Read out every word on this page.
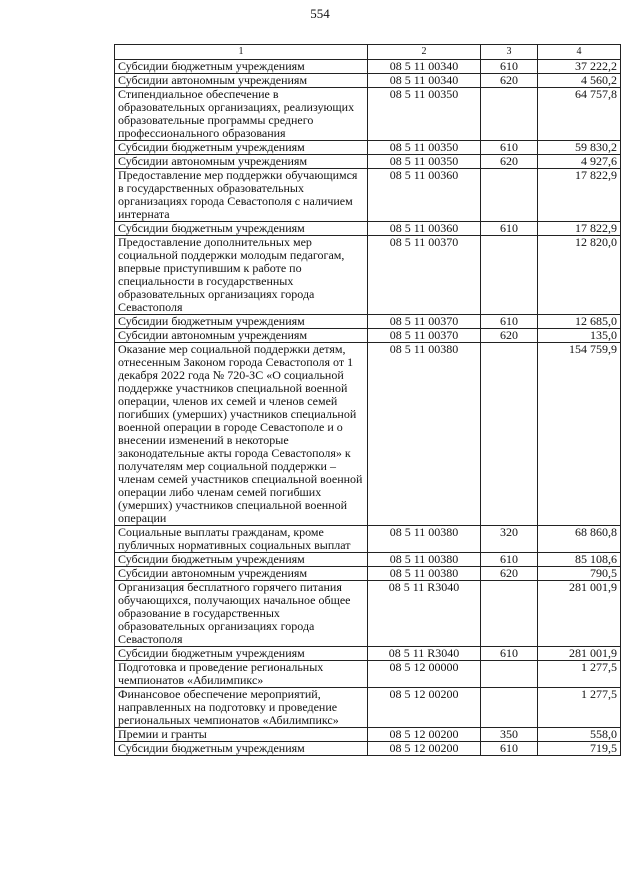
554
1	2	3	4
Субсидии бюджетным учреждениям	08 5 11 00340	610	37 222,2
Субсидии автономным учреждениям	08 5 11 00340	620	4 560,2
Стипендиальное обеспечение в образовательных организациях, реализующих образовательные программы среднего профессионального образования	08 5 11 00350		64 757,8
Субсидии бюджетным учреждениям	08 5 11 00350	610	59 830,2
Субсидии автономным учреждениям	08 5 11 00350	620	4 927,6
Предоставление мер поддержки обучающимся в государственных образовательных организациях города Севастополя с наличием интерната	08 5 11 00360		17 822,9
Субсидии бюджетным учреждениям	08 5 11 00360	610	17 822,9
Предоставление дополнительных мер социальной поддержки молодым педагогам, впервые приступившим к работе по специальности в государственных образовательных организациях города Севастополя	08 5 11 00370		12 820,0
Субсидии бюджетным учреждениям	08 5 11 00370	610	12 685,0
Субсидии автономным учреждениям	08 5 11 00370	620	135,0
Оказание мер социальной поддержки детям, отнесенным Законом города Севастополя от 1 декабря 2022 года № 720-ЗС «О социальной поддержке участников специальной военной операции, членов их семей и членов семей погибших (умерших) участников специальной военной операции в городе Севастополе и о внесении изменений в некоторые законодательные акты города Севастополя» к получателям мер социальной поддержки – членам семей участников специальной военной операции либо членам семей погибших (умерших) участников специальной военной операции	08 5 11 00380		154 759,9
Социальные выплаты гражданам, кроме публичных нормативных социальных выплат	08 5 11 00380	320	68 860,8
Субсидии бюджетным учреждениям	08 5 11 00380	610	85 108,6
Субсидии автономным учреждениям	08 5 11 00380	620	790,5
Организация бесплатного горячего питания обучающихся, получающих начальное общее образование в государственных образовательных организациях города Севастополя	08 5 11 R3040		281 001,9
Субсидии бюджетным учреждениям	08 5 11 R3040	610	281 001,9
Подготовка и проведение региональных чемпионатов «Абилимпикс»	08 5 12 00000		1 277,5
Финансовое обеспечение мероприятий, направленных на подготовку и проведение региональных чемпионатов «Абилимпикс»	08 5 12 00200		1 277,5
Премии и гранты	08 5 12 00200	350	558,0
Субсидии бюджетным учреждениям	08 5 12 00200	610	719,5
